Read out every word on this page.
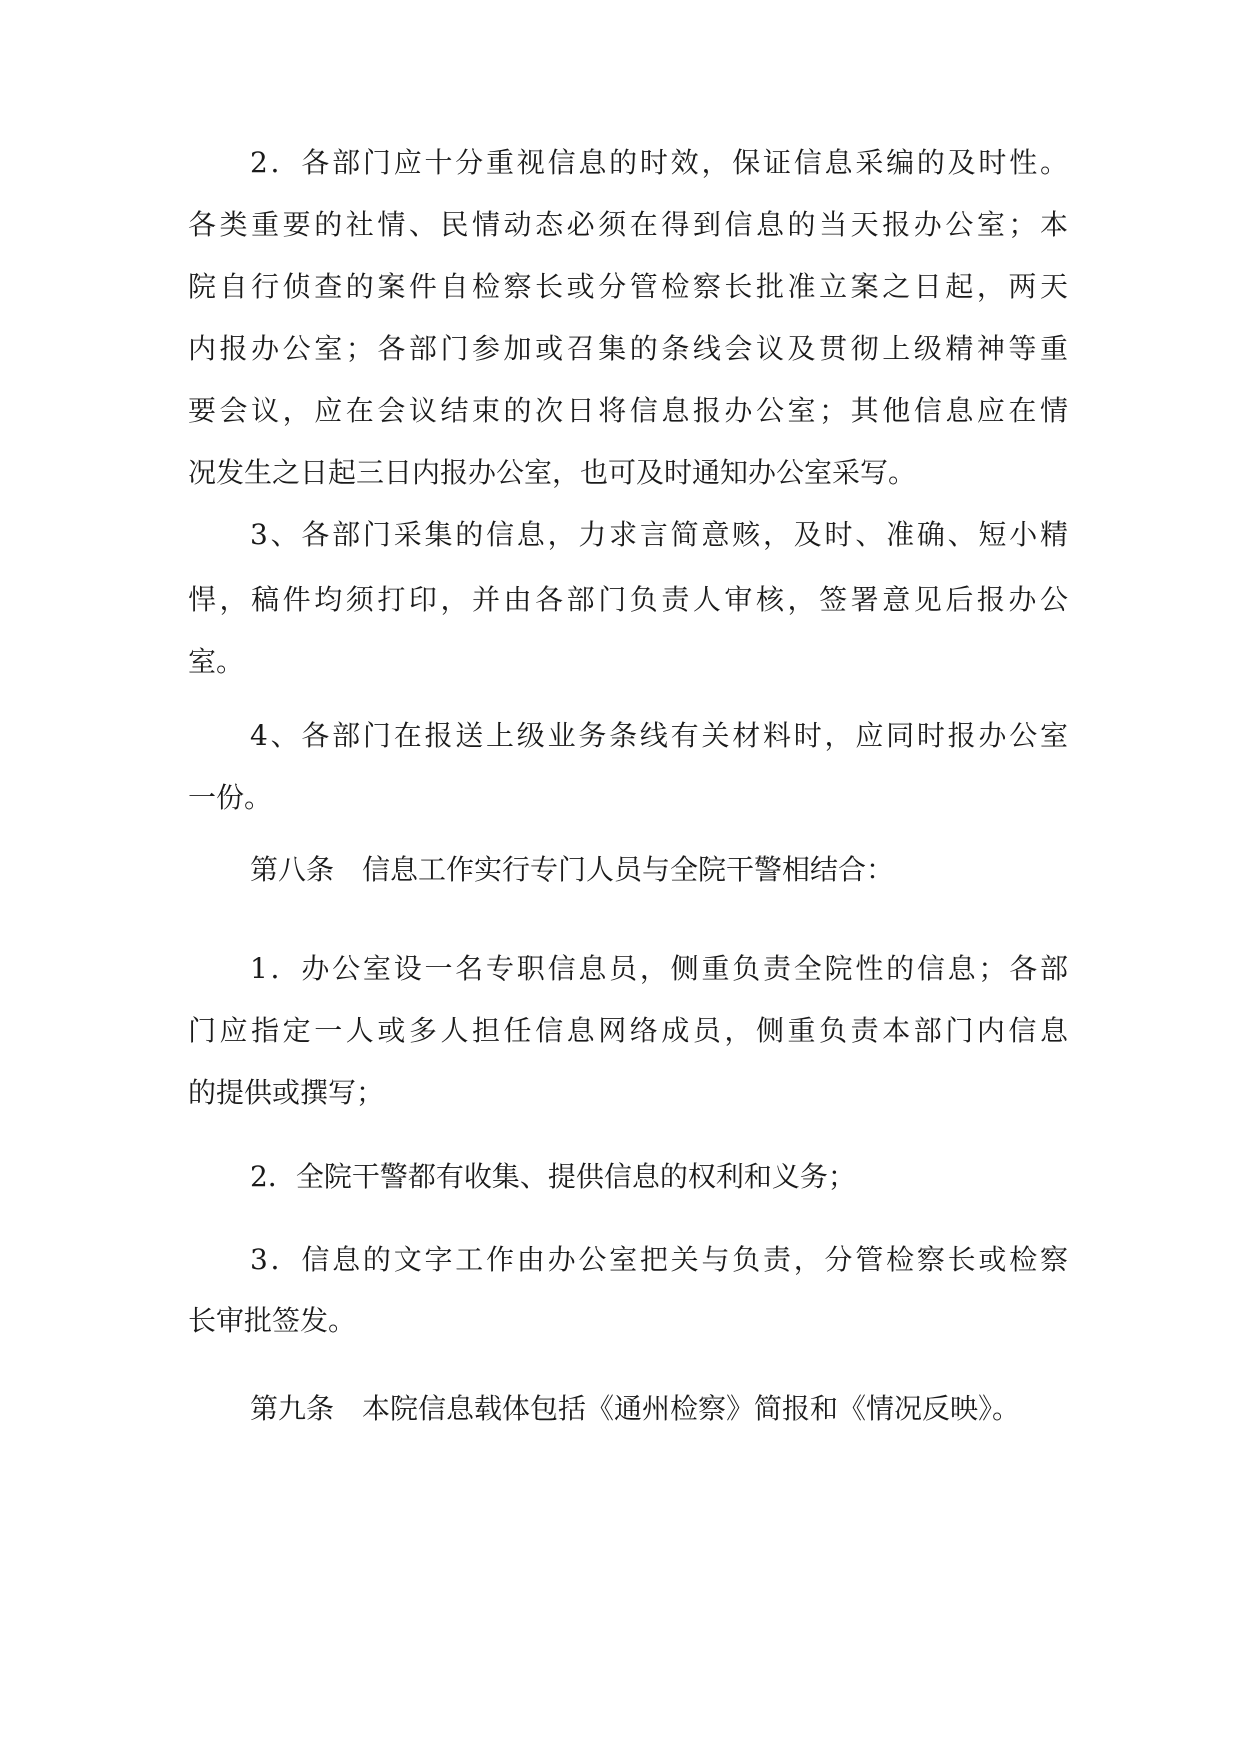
2．各部门应十分重视信息的时效，保证信息采编的及时性。

各类重要的社情、民情动态必须在得到信息的当天报办公室；本

院自行侦查的案件自检察长或分管检察长批准立案之日起，两天

内报办公室；各部门参加或召集的条线会议及贯彻上级精神等重

要会议，应在会议结束的次日将信息报办公室；其他信息应在情

况发生之日起三日内报办公室，也可及时通知办公室采写。

3、各部门采集的信息，力求言简意赅，及时、准确、短小精

悍，稿件均须打印，并由各部门负责人审核，签署意见后报办公

室。

4、各部门在报送上级业务条线有关材料时，应同时报办公室

一份。

第八条　信息工作实行专门人员与全院干警相结合：

1．办公室设一名专职信息员，侧重负责全院性的信息；各部

门应指定一人或多人担任信息网络成员，侧重负责本部门内信息

的提供或撰写；

2．全院干警都有收集、提供信息的权利和义务；

3．信息的文字工作由办公室把关与负责，分管检察长或检察

长审批签发。

第九条　本院信息载体包括《通州检察》简报和《情况反映》。
